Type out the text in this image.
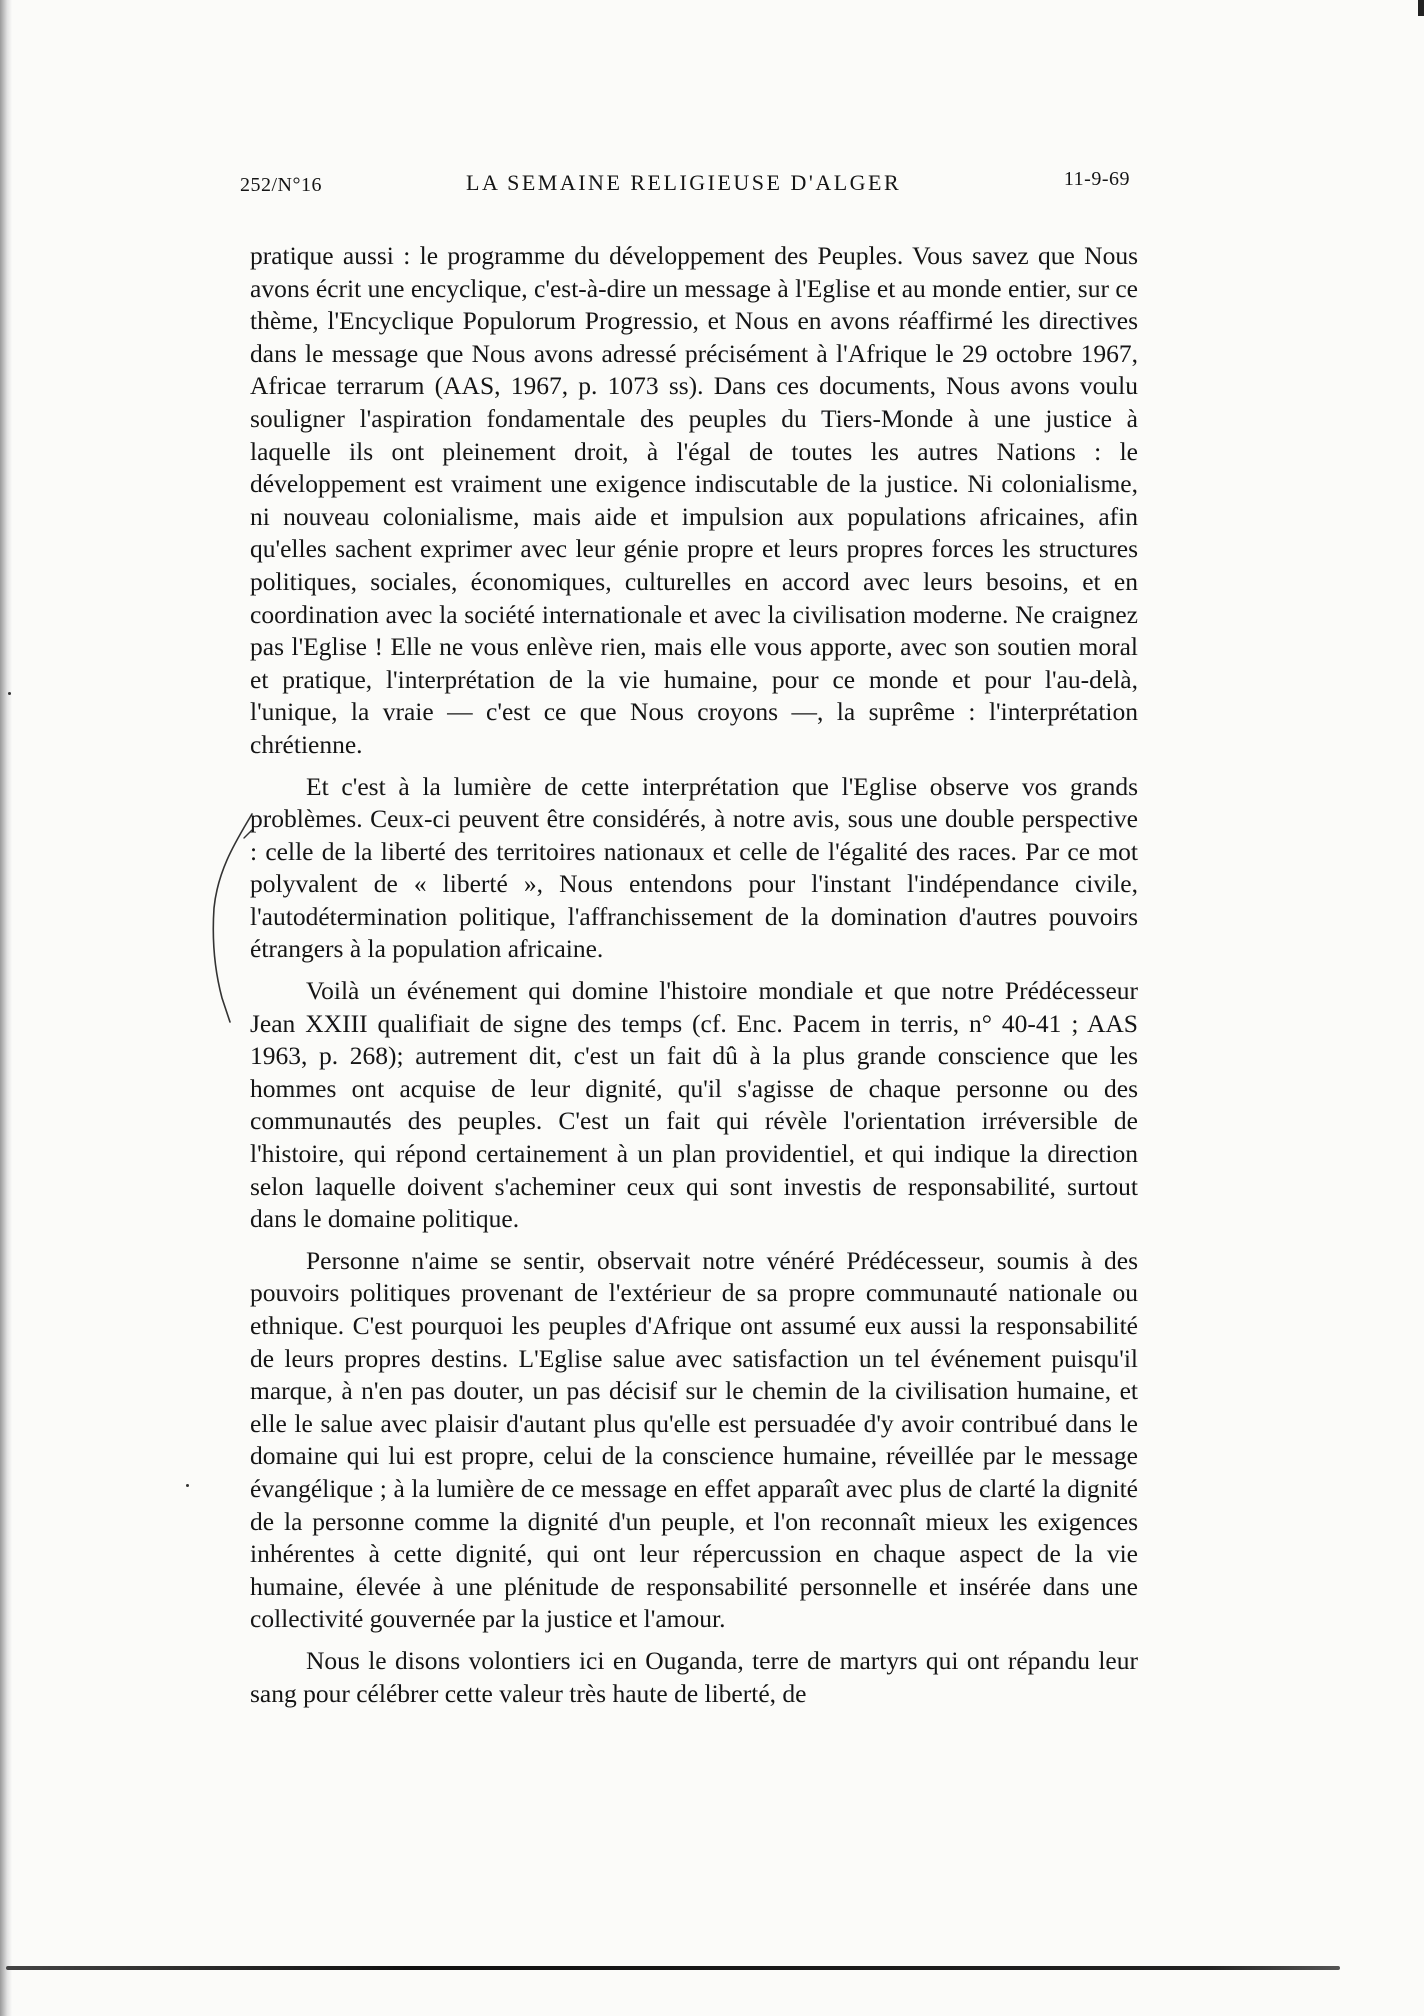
252/N°16	LA SEMAINE RELIGIEUSE D'ALGER	11-9-69

pratique aussi : le programme du développement des Peuples. Vous savez que Nous avons écrit une encyclique, c'est-à-dire un message à l'Eglise et au monde entier, sur ce thème, l'Encyclique Populorum Progressio, et Nous en avons réaffirmé les directives dans le message que Nous avons adressé précisément à l'Afrique le 29 octobre 1967, Africae terrarum (AAS, 1967, p. 1073 ss). Dans ces documents, Nous avons voulu souligner l'aspiration fondamentale des peuples du Tiers-Monde à une justice à laquelle ils ont pleinement droit, à l'égal de toutes les autres Nations : le développement est vraiment une exigence indiscutable de la justice. Ni colonialisme, ni nouveau colonialisme, mais aide et impulsion aux populations africaines, afin qu'elles sachent exprimer avec leur génie propre et leurs propres forces les structures politiques, sociales, économiques, culturelles en accord avec leurs besoins, et en coordination avec la société internationale et avec la civilisation moderne. Ne craignez pas l'Eglise ! Elle ne vous enlève rien, mais elle vous apporte, avec son soutien moral et pratique, l'interprétation de la vie humaine, pour ce monde et pour l'au-delà, l'unique, la vraie — c'est ce que Nous croyons —, la suprême : l'interprétation chrétienne.

Et c'est à la lumière de cette interprétation que l'Eglise observe vos grands problèmes. Ceux-ci peuvent être considérés, à notre avis, sous une double perspective : celle de la liberté des territoires nationaux et celle de l'égalité des races. Par ce mot polyvalent de « liberté », Nous entendons pour l'instant l'indépendance civile, l'autodétermination politique, l'affranchissement de la domination d'autres pouvoirs étrangers à la population africaine.

Voilà un événement qui domine l'histoire mondiale et que notre Prédécesseur Jean XXIII qualifiait de signe des temps (cf. Enc. Pacem in terris, n° 40-41 ; AAS 1963, p. 268); autrement dit, c'est un fait dû à la plus grande conscience que les hommes ont acquise de leur dignité, qu'il s'agisse de chaque personne ou des communautés des peuples. C'est un fait qui révèle l'orientation irréversible de l'histoire, qui répond certainement à un plan providentiel, et qui indique la direction selon laquelle doivent s'acheminer ceux qui sont investis de responsabilité, surtout dans le domaine politique.

Personne n'aime se sentir, observait notre vénéré Prédécesseur, soumis à des pouvoirs politiques provenant de l'extérieur de sa propre communauté nationale ou ethnique. C'est pourquoi les peuples d'Afrique ont assumé eux aussi la responsabilité de leurs propres destins. L'Eglise salue avec satisfaction un tel événement puisqu'il marque, à n'en pas douter, un pas décisif sur le chemin de la civilisation humaine, et elle le salue avec plaisir d'autant plus qu'elle est persuadée d'y avoir contribué dans le domaine qui lui est propre, celui de la conscience humaine, réveillée par le message évangélique ; à la lumière de ce message en effet apparaît avec plus de clarté la dignité de la personne comme la dignité d'un peuple, et l'on reconnaît mieux les exigences inhérentes à cette dignité, qui ont leur répercussion en chaque aspect de la vie humaine, élevée à une plénitude de responsabilité personnelle et insérée dans une collectivité gouvernée par la justice et l'amour.

Nous le disons volontiers ici en Ouganda, terre de martyrs qui ont répandu leur sang pour célébrer cette valeur très haute de liberté, de
